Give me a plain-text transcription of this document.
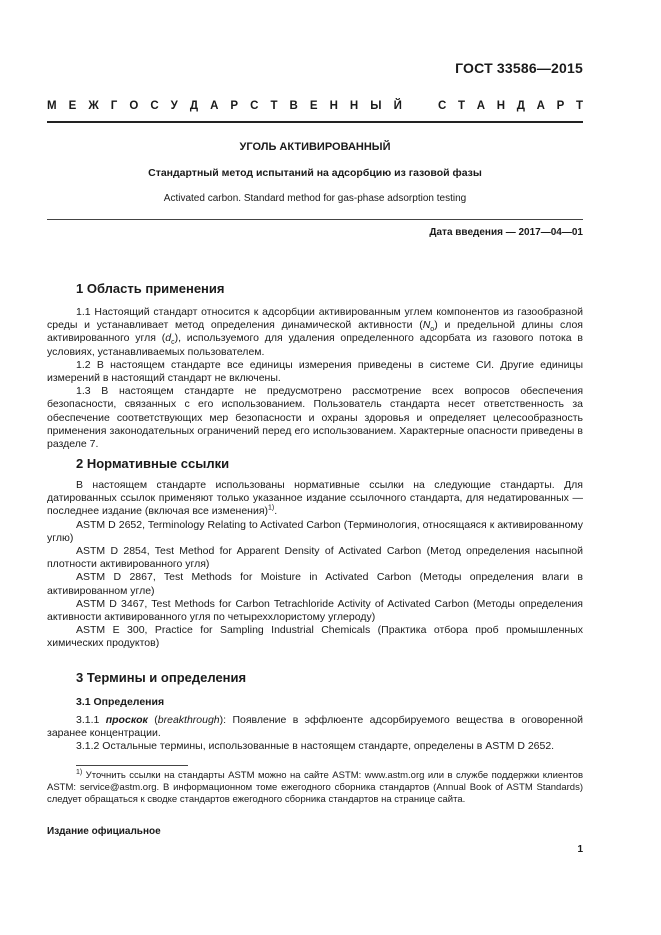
ГОСТ 33586—2015
М Е Ж Г О С У Д А Р С Т В Е Н Н Ы Й	С Т А Н Д А Р Т
УГОЛЬ АКТИВИРОВАННЫЙ
Стандартный метод испытаний на адсорбцию из газовой фазы
Activated carbon. Standard method for gas-phase adsorption testing
Дата введения — 2017—04—01
1 Область применения

1.1 Настоящий стандарт относится к адсорбции активированным углем компонентов из газообразной среды и устанавливает метод определения динамической активности $(N_o)$ и предельной длины слоя активированного угля $(d_c)$, используемого для удаления определенного адсорбата из газового потока в условиях, устанавливаемых пользователем.

1.2 В настоящем стандарте все единицы измерения приведены в системе СИ. Другие единицы измерений в настоящий стандарт не включены.

1.3 В настоящем стандарте не предусмотрено рассмотрение всех вопросов обеспечения безопасности, связанных с его использованием. Пользователь стандарта несет ответственность за обеспечение соответствующих мер безопасности и охраны здоровья и определяет целесообразность применения законодательных ограничений перед его использованием. Характерные опасности приведены в разделе 7.

2 Нормативные ссылки

В настоящем стандарте использованы нормативные ссылки на следующие стандарты. Для датированных ссылок применяют только указанное издание ссылочного стандарта, для недатированных — последнее издание (включая все изменения)$^{1)}$.

ASTM D 2652, Terminology Relating to Activated Carbon (Терминология, относящаяся к активированному углю)

ASTM D 2854, Test Method for Apparent Density of Activated Carbon (Метод определения насыпной плотности активированного угля)

ASTM D 2867, Test Methods for Moisture in Activated Carbon (Методы определения влаги в активированном угле)

ASTM D 3467, Test Methods for Carbon Tetrachloride Activity of Activated Carbon (Методы определения активности активированного угля по четыреххлористому углероду)

ASTM E 300, Practice for Sampling Industrial Chemicals (Практика отбора проб промышленных химических продуктов)

3 Термины и определения
3.1 Определения

3.1.1 проскок (breakthrough): Появление в эффлюенте адсорбируемого вещества в оговоренной заранее концентрации.

3.1.2 Остальные термины, использованные в настоящем стандарте, определены в ASTM D 2652.

$^{1)}$ Уточнить ссылки на стандарты ASTM можно на сайте ASTM: www.astm.org или в службе поддержки клиентов ASTM: service@astm.org. В информационном томе ежегодного сборника стандартов (Annual Book of ASTM Standards) следует обращаться к сводке стандартов ежегодного сборника стандартов на странице сайта.

Издание официальное
1
